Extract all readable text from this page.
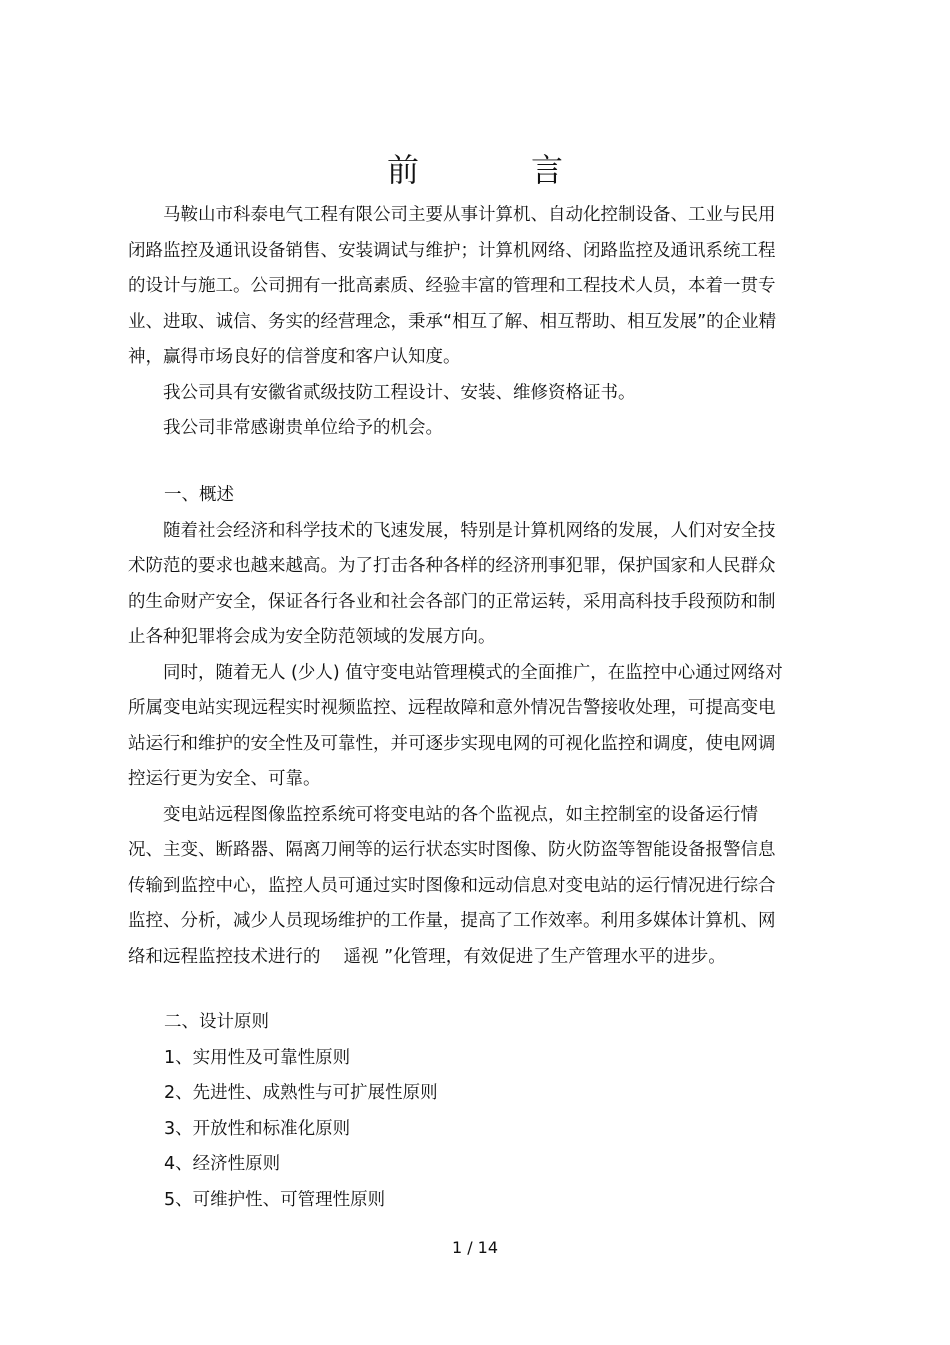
前　言

马鞍山市科泰电气工程有限公司主要从事计算机、自动化控制设备、工业与民用闭路监控及通讯设备销售、安装调试与维护；计算机网络、闭路监控及通讯系统工程的设计与施工。公司拥有一批高素质、经验丰富的管理和工程技术人员，本着一贯专业、进取、诚信、务实的经营理念，秉承“相互了解、相互帮助、相互发展”的企业精神，赢得市场良好的信誉度和客户认知度。

我公司具有安徽省贰级技防工程设计、安装、维修资格证书。

我公司非常感谢贵单位给予的机会。

一、概述

随着社会经济和科学技术的飞速发展，特别是计算机网络的发展，人们对安全技术防范的要求也越来越高。为了打击各种各样的经济刑事犯罪，保护国家和人民群众的生命财产安全，保证各行各业和社会各部门的正常运转，采用高科技手段预防和制止各种犯罪将会成为安全防范领域的发展方向。

同时，随着无人 (少人) 值守变电站管理模式的全面推广，在监控中心通过网络对所属变电站实现远程实时视频监控、远程故障和意外情况告警接收处理，可提高变电站运行和维护的安全性及可靠性，并可逐步实现电网的可视化监控和调度，使电网调控运行更为安全、可靠。

变电站远程图像监控系统可将变电站的各个监视点，如主控制室的设备运行情况、主变、断路器、隔离刀闸等的运行状态实时图像、防火防盗等智能设备报警信息传输到监控中心，监控人员可通过实时图像和远动信息对变电站的运行情况进行综合监控、分析，减少人员现场维护的工作量，提高了工作效率。利用多媒体计算机、网络和远程监控技术进行的　 遥视 ”化管理，有效促进了生产管理水平的进步。

二、设计原则

1、实用性及可靠性原则

2、先进性、成熟性与可扩展性原则

3、开放性和标准化原则

4、经济性原则

5、可维护性、可管理性原则

1 / 14
